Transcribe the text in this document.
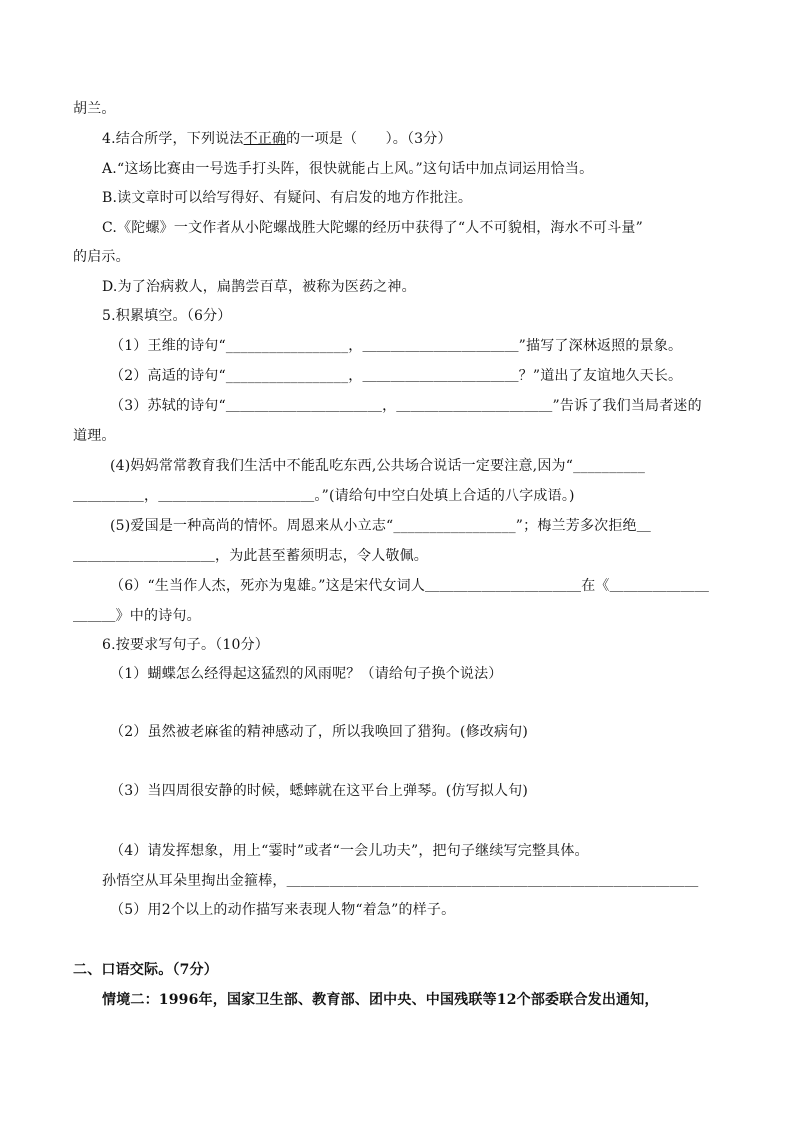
胡兰。
4.结合所学，下列说法不正确的一项是（　　）。（3分）
A.“这场比赛由一号选手打头阵，很快就能占上风。”这句话中加点词运用恰当。
B.读文章时可以给写得好、有疑问、有启发的地方作批注。
C.《陀螺》一文作者从小陀螺战胜大陀螺的经历中获得了“人不可貌相，海水不可斗量”
的启示。
D.为了治病救人，扁鹊尝百草，被称为医药之神。
5.积累填空。（6分）
（1）王维的诗句“_________________，＿＿＿＿＿＿＿＿＿＿＿”描写了深林返照的景象。
（2）高适的诗句“_________________，＿＿＿＿＿＿＿＿＿＿＿？”道出了友谊地久天长。
（3）苏轼的诗句“＿＿＿＿＿＿＿＿＿＿＿，＿＿＿＿＿＿＿＿＿＿＿”告诉了我们当局者迷的
道理。
(4)妈妈常常教育我们生活中不能乱吃东西,公共场合说话一定要注意,因为“__________
＿＿＿＿＿，＿＿＿＿＿＿＿＿＿＿＿。”(请给句中空白处填上合适的八字成语。)
(5)爱国是一种高尚的情怀。周恩来从小立志“_________________”；梅兰芳多次拒绝＿
＿＿＿＿＿＿＿＿＿＿，为此甚至蓄须明志，令人敬佩。
（6）“生当作人杰，死亦为鬼雄。”这是宋代女词人＿＿＿＿＿＿＿＿＿＿＿在《＿＿＿＿＿＿＿
＿＿＿》中的诗句。
6.按要求写句子。（10分）
（1）蝴蝶怎么经得起这猛烈的风雨呢？（请给句子换个说法）
（2）虽然被老麻雀的精神感动了，所以我唤回了猎狗。(修改病句)
（3）当四周很安静的时候，蟋蟀就在这平台上弹琴。(仿写拟人句)
（4）请发挥想象，用上“霎时”或者“一会儿功夫”，把句子继续写完整具体。
孙悟空从耳朵里掏出金箍棒，＿＿＿＿＿＿＿＿＿＿＿＿＿＿＿＿＿＿＿＿＿＿＿＿＿＿＿＿＿
（5）用2个以上的动作描写来表现人物“着急”的样子。
二、口语交际。（7分）
情境二：1996年，国家卫生部、教育部、团中央、中国残联等12个部委联合发出通知，
